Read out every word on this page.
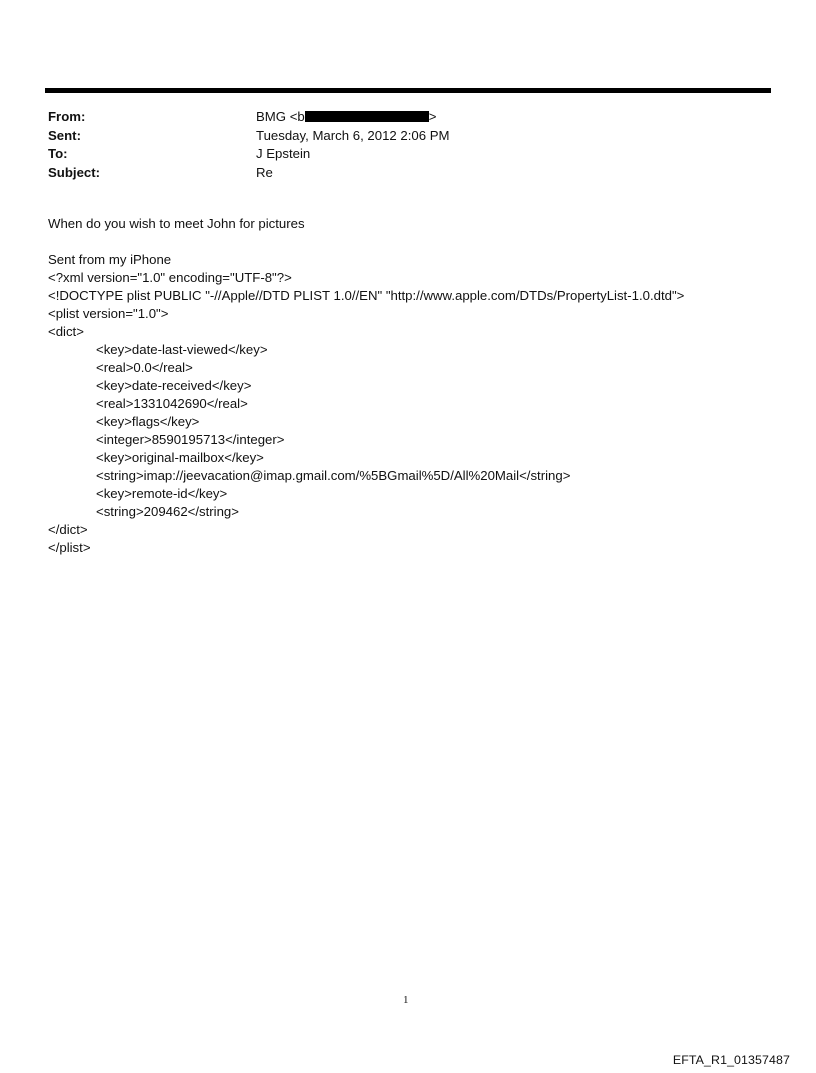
From:	BMG <b	>
Sent:	Tuesday, March 6, 2012 2:06 PM
To:	J Epstein
Subject:	Re
When do you wish to meet John for pictures
Sent from my iPhone
<?xml version="1.0" encoding="UTF-8"?>
<!DOCTYPE plist PUBLIC "-//Apple//DTD PLIST 1.0//EN" "http://www.apple.com/DTDs/PropertyList-1.0.dtd">
<plist version="1.0">
<dict>
<key>date-last-viewed</key>
<real>0.0</real>
<key>date-received</key>
<real>1331042690</real>
<key>flags</key>
<integer>8590195713</integer>
<key>original-mailbox</key>
<string>imap://jeevacation@imap.gmail.com/%5BGmail%5D/All%20Mail</string>
<key>remote-id</key>
<string>209462</string>
</dict>
</plist>
1
EFTA_R1_01357487
